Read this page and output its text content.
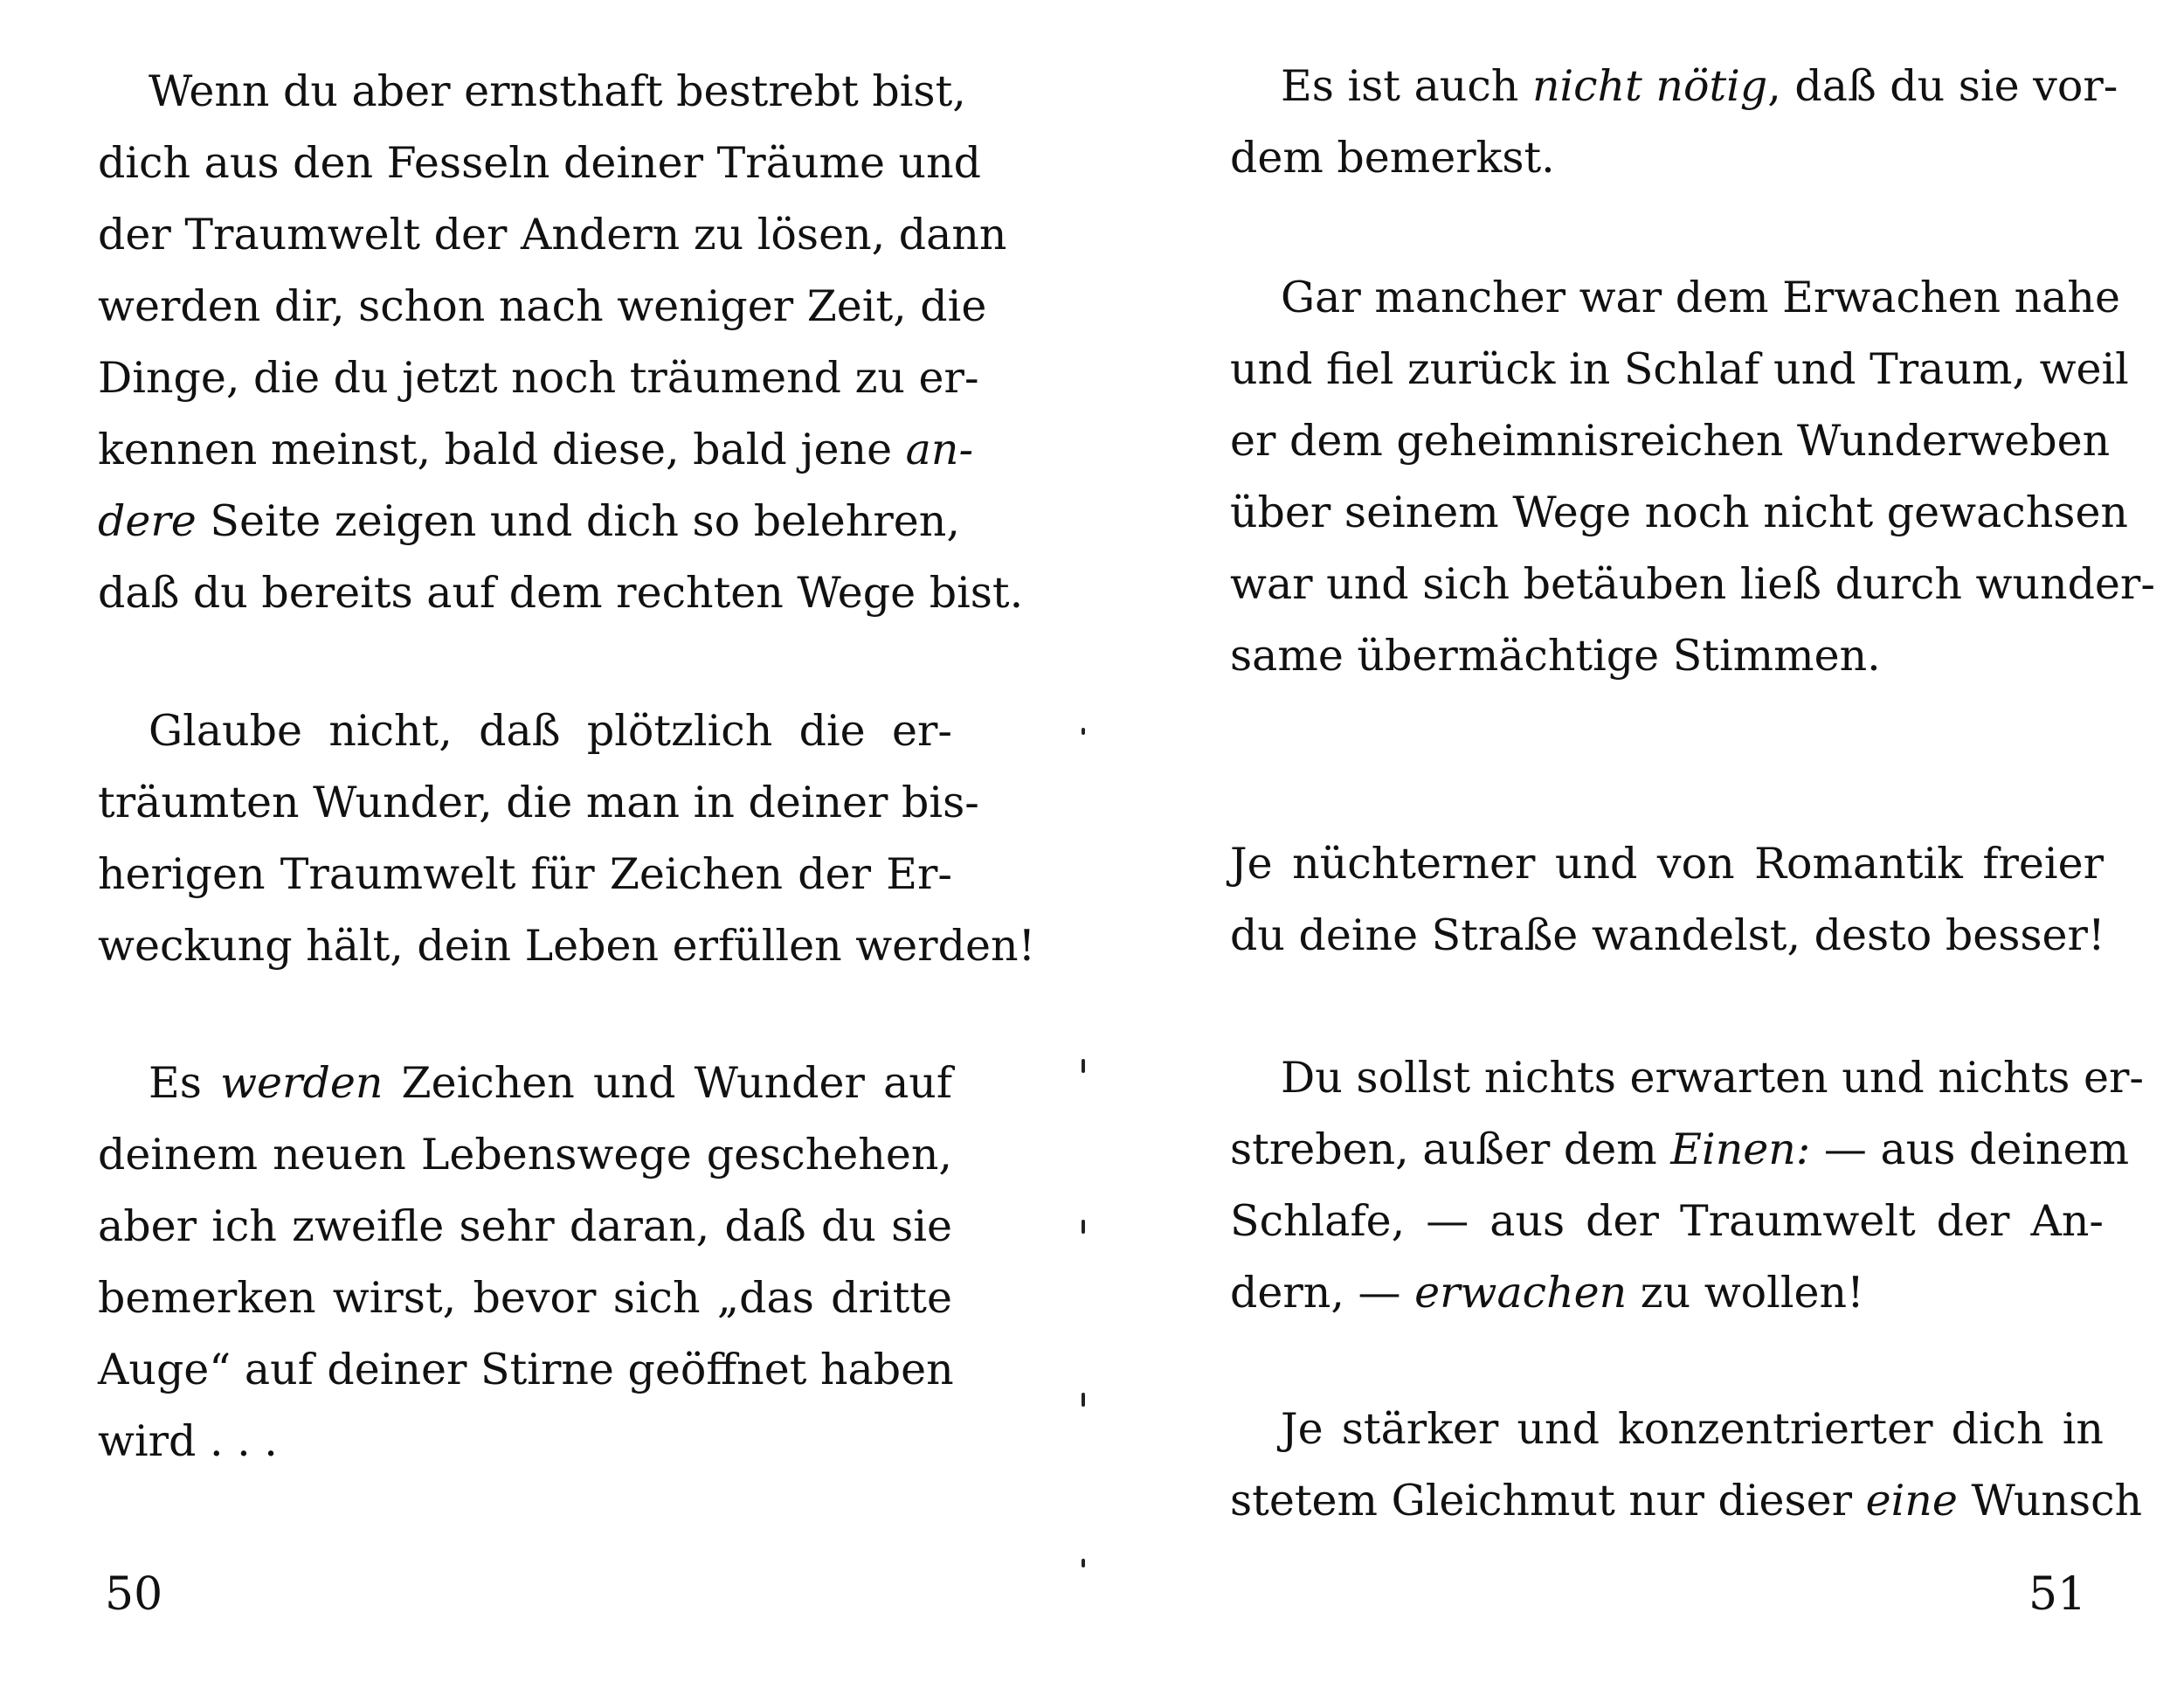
Wenn du aber ernsthaft bestrebt bist,
dich aus den Fesseln deiner Träume und
der Traumwelt der Andern zu lösen, dann
werden dir, schon nach weniger Zeit, die
Dinge, die du jetzt noch träumend zu er-
kennen meinst, bald diese, bald jene an-
dere Seite zeigen und dich so belehren,
daß du bereits auf dem rechten Wege bist.
Glaube nicht, daß plötzlich die er-
träumten Wunder, die man in deiner bis-
herigen Traumwelt für Zeichen der Er-
weckung hält, dein Leben erfüllen werden!
Es werden Zeichen und Wunder auf
deinem neuen Lebenswege geschehen,
aber ich zweifle sehr daran, daß du sie
bemerken wirst, bevor sich „das dritte
Auge“ auf deiner Stirne geöffnet haben
wird . . .
50
Es ist auch nicht nötig, daß du sie vor-
dem bemerkst.
Gar mancher war dem Erwachen nahe
und fiel zurück in Schlaf und Traum, weil
er dem geheimnisreichen Wunderweben
über seinem Wege noch nicht gewachsen
war und sich betäuben ließ durch wunder-
same übermächtige Stimmen.
Je nüchterner und von Romantik freier
du deine Straße wandelst, desto besser!
Du sollst nichts erwarten und nichts er-
streben, außer dem Einen: — aus deinem
Schlafe, — aus der Traumwelt der An-
dern, — erwachen zu wollen!
Je stärker und konzentrierter dich in
stetem Gleichmut nur dieser eine Wunsch
51
